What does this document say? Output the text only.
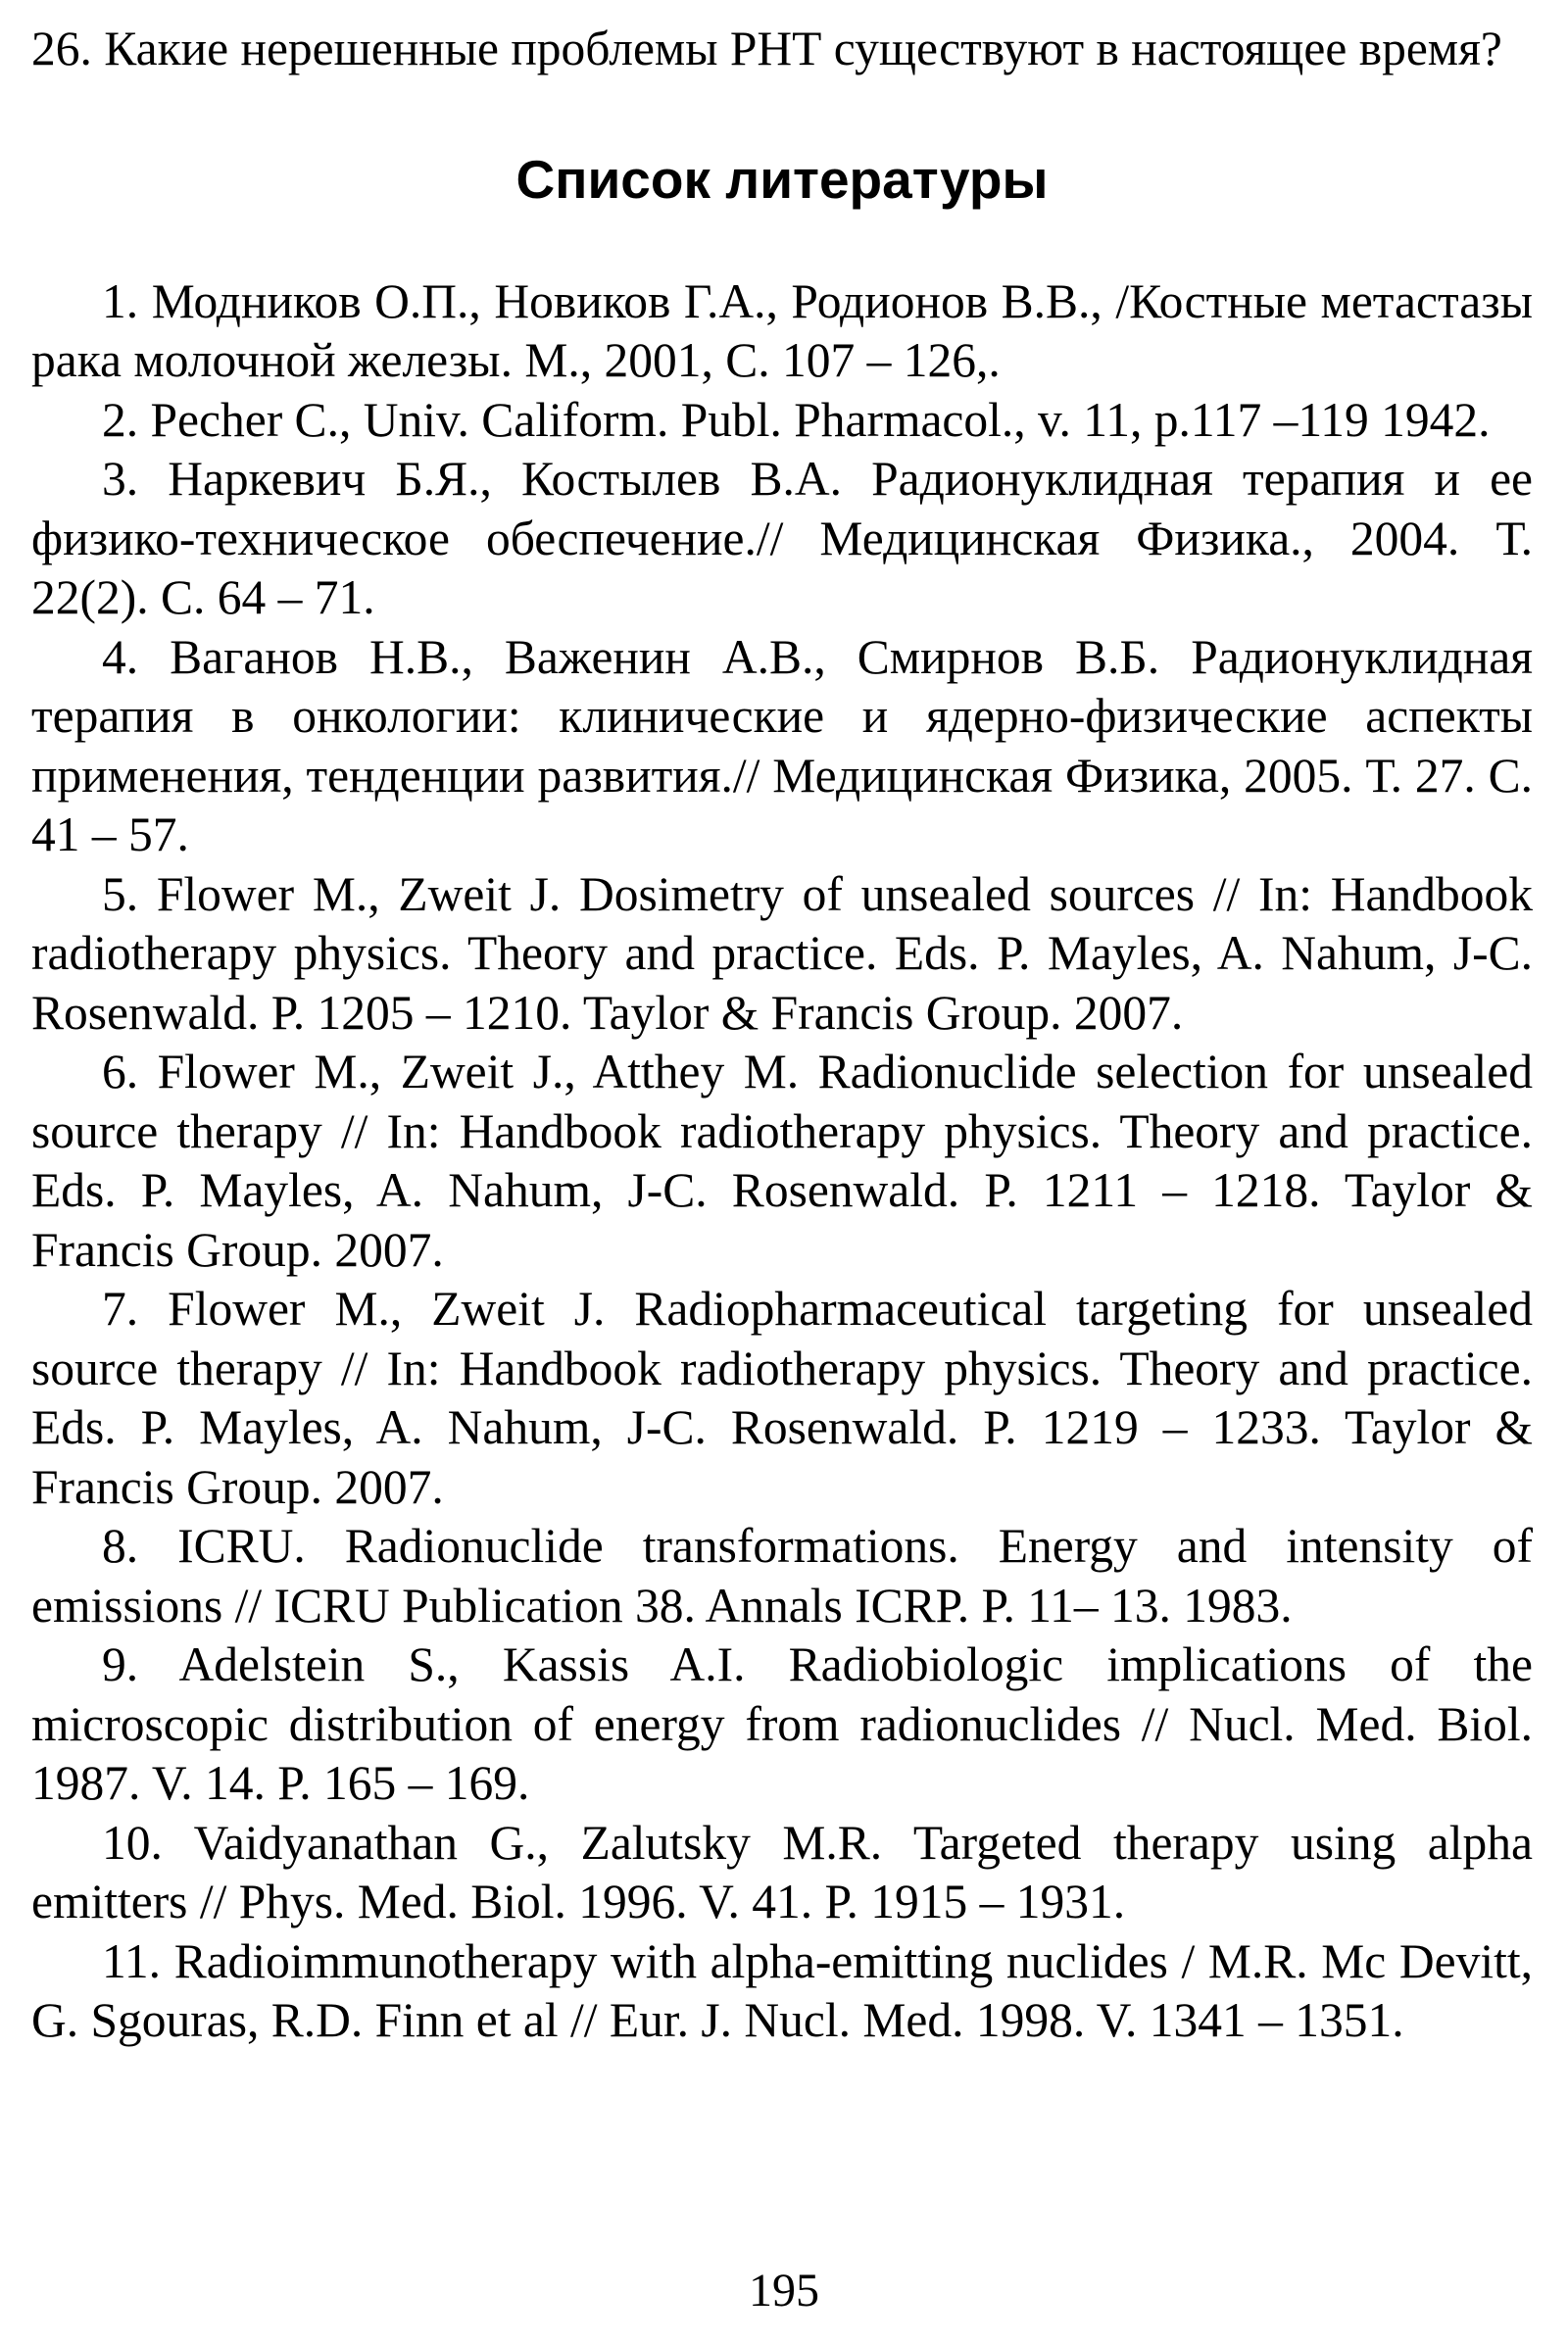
26. Какие нерешенные проблемы РНТ существуют в настоящее время?

Список литературы

1. Модников О.П., Новиков Г.А., Родионов В.В., /Костные метастазы рака молочной железы. М., 2001, С. 107 – 126,.

2. Pecher C., Univ. Caliform. Publ. Pharmacol., v. 11, p.117 –119 1942.

3. Наркевич Б.Я., Костылев В.А. Радионуклидная терапия и ее физико-техническое обеспечение.// Медицинская Физика., 2004. Т. 22(2). С. 64 – 71.

4. Ваганов Н.В., Важенин А.В., Смирнов В.Б. Радионуклидная терапия в онкологии: клинические и ядерно-физические аспекты применения, тенденции развития.// Медицинская Физика, 2005. Т. 27. С. 41 – 57.

5. Flower M., Zweit J. Dosimetry of unsealed sources // In: Handbook radiotherapy physics. Theory and practice. Eds. P. Mayles, A. Nahum, J-C. Rosenwald. P. 1205 – 1210. Taylor & Francis Group. 2007.

6. Flower M., Zweit J., Atthey M. Radionuclide selection for unsealed source therapy // In: Handbook radiotherapy physics. Theory and practice. Eds. P. Mayles, A. Nahum, J-C. Rosenwald. P. 1211 – 1218. Taylor & Francis Group. 2007.

7. Flower M., Zweit J. Radiopharmaceutical targeting for unsealed source therapy // In: Handbook radiotherapy physics. Theory and practice. Eds. P. Mayles, A. Nahum, J-C. Rosenwald. P. 1219 – 1233. Taylor & Francis Group. 2007.

8. ICRU. Radionuclide transformations. Energy and intensity of emissions // ICRU Publication 38. Annals ICRP. P. 11– 13. 1983.

9. Adelstein S., Kassis A.I. Radiobiologic implications of the microscopic distribution of energy from radionuclides // Nucl. Med. Biol. 1987. V. 14. P. 165 – 169.

10. Vaidyanathan G., Zalutsky M.R. Targeted therapy using alpha emitters // Phys. Med. Biol. 1996. V. 41. P. 1915 – 1931.

11. Radioimmunotherapy with alpha-emitting nuclides / M.R. Mc Devitt, G. Sgouras, R.D. Finn et al // Eur. J. Nucl. Med. 1998. V. 1341 – 1351.

195
